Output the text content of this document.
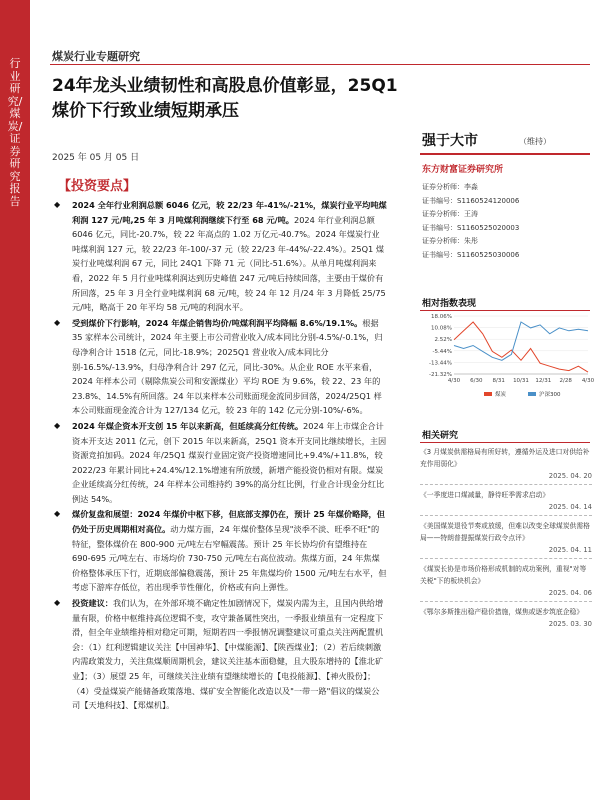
行业研究/煤炭/证券研究报告
煤炭行业专题研究
24年龙头业绩韧性和高股息价值彰显，25Q1煤价下行致业绩短期承压
2025 年 05 月 05 日
【投资要点】
◆ 2024 全年行业利润总额 6046 亿元，较 22/23 年-41%/-21%，煤炭行业平均吨煤利润 127 元/吨,25 年 3 月吨煤利润继续下行至 68 元/吨。2024 年行业利润总额 6046 亿元，同比-20.7%，较 22 年高点的 1.02 万亿元-40.7%。2024 年煤炭行业吨煤利润 127 元，较 22/23 年-100/-37 元（较 22/23 年-44%/-22.4%）。25Q1 煤炭行业吨煤利润 67 元，同比 24Q1 下降 71 元（同比-51.6%）。从单月吨煤利润来看，2022 年 5 月行业吨煤利润达到历史峰值 247 元/吨后持续回落，主要由于煤价有所回落，25 年 3 月全行业吨煤利润 68 元/吨，较 24 年 12 月/24 年 3 月降低 25/75 元/吨，略高于 20 年平均 58 元/吨的利润水平。
◆ 受到煤价下行影响，2024 年煤企销售均价/吨煤利润平均降幅 8.6%/19.1%。根据 35 家样本公司统计，2024 年主要上市公司营业收入/成本同比分别-4.5%/-0.1%，归母净利合计 1518 亿元，同比-18.9%；2025Q1 营业收入/成本同比分别-16.5%/-13.9%，归母净利合计 297 亿元，同比-30%。从企业 ROE 水平来看，2024 年样本公司（剔除焦炭公司和安源煤业）平均 ROE 为 9.6%，较 22、23 年的 23.8%、14.5%有所回落。24 年以来样本公司账面现金流同步回落，2024/25Q1 样本公司账面现金流合计为 127/134 亿元，较 23 年的 142 亿元分别-10%/-6%。
◆ 2024 年煤企资本开支创 15 年以来新高，但延续高分红传统。2024 年上市煤企合计资本开支达 2011 亿元，创下 2015 年以来新高，25Q1 资本开支同比继续增长，主因资源竞拍加码。2024 年/25Q1 煤炭行业固定资产投资增速同比+9.4%/+11.8%，较 2022/23 年累计同比+24.4%/12.1%增速有所放缓，新增产能投资仍相对有限。煤炭企业延续高分红传统，24 年样本公司维持约 39%的高分红比例，行业合计现金分红比例达 54%。
◆ 煤价复盘和展望：2024 年煤价中枢下移，但底部支撑仍在，预计 25 年煤价略降，但仍处于历史周期相对高位。动力煤方面，24 年煤价整体呈现"淡季不淡、旺季不旺"的特征，整体煤价在 800-900 元/吨左右窄幅震荡。预计 25 年长协均价有望维持在 690-695 元/吨左右、市场均价 730-750 元/吨左右高位波动。焦煤方面，24 年焦煤价格整体承压下行，近期底部偏稳震荡，预计 25 年焦煤均价 1500 元/吨左右水平，但考虑下游库存低位，若出现季节性催化，价格或有向上弹性。
◆ 投资建议：我们认为，在外部环境不确定性加剧情况下，煤炭内需为主，且国内供给增量有限，价格中枢维持高位逻辑不变，攻守兼备属性突出，一季报业绩虽有一定程度下滑，但全年业绩维持相对稳定可期，短期若四一季报情况调整建议可重点关注两配置机会：（1）红利逻辑建议关注【中国神华】、【中煤能源】、【陕西煤业】；（2）若后续刺激内需政策发力，关注焦煤顺周期机会，建议关注基本面稳健，且大股东增持的【淮北矿业】；（3）展望 25 年，可继续关注业绩有望继续增长的【电投能源】、【神火股份】；（4）受益煤炭产能储备政策落地、煤矿安全智能化改造以及"一带一路"倡议的煤炭公司【天地科技】、【郑煤机】。
强于大市	（维持）
东方财富证券研究所
证券分析师：李淼
证书编号：S1160524120006
证券分析师：王涛
证书编号：S1160525020003
证券分析师：朱彤
证书编号：S1160525030006
相对指数表现
18.06%
10.08%
2.52%
-5.44%
-13.44%
-21.32%
4/30 6/30 8/31 10/31 12/31 2/28 4/30
煤炭	沪深300
相关研究
《3 月煤炭供需格局有所好转，遵循外运及进口对供给补充作用弱化》
2025. 04. 20
《一季度进口煤减量，静待旺季需求启动》
2025. 04. 14
《美国煤炭退役节奏或放缓，但难以改变全球煤炭供需格局——特朗普提振煤炭行政令点评》
2025. 04. 11
《煤炭长协是市场价格形成机制的成功案例，重视"对等关税"下的板块机会》
2025. 04. 06
《鄂尔多斯推出稳产稳价措施，煤焦或逐步筑底企稳》
2025. 03. 30
